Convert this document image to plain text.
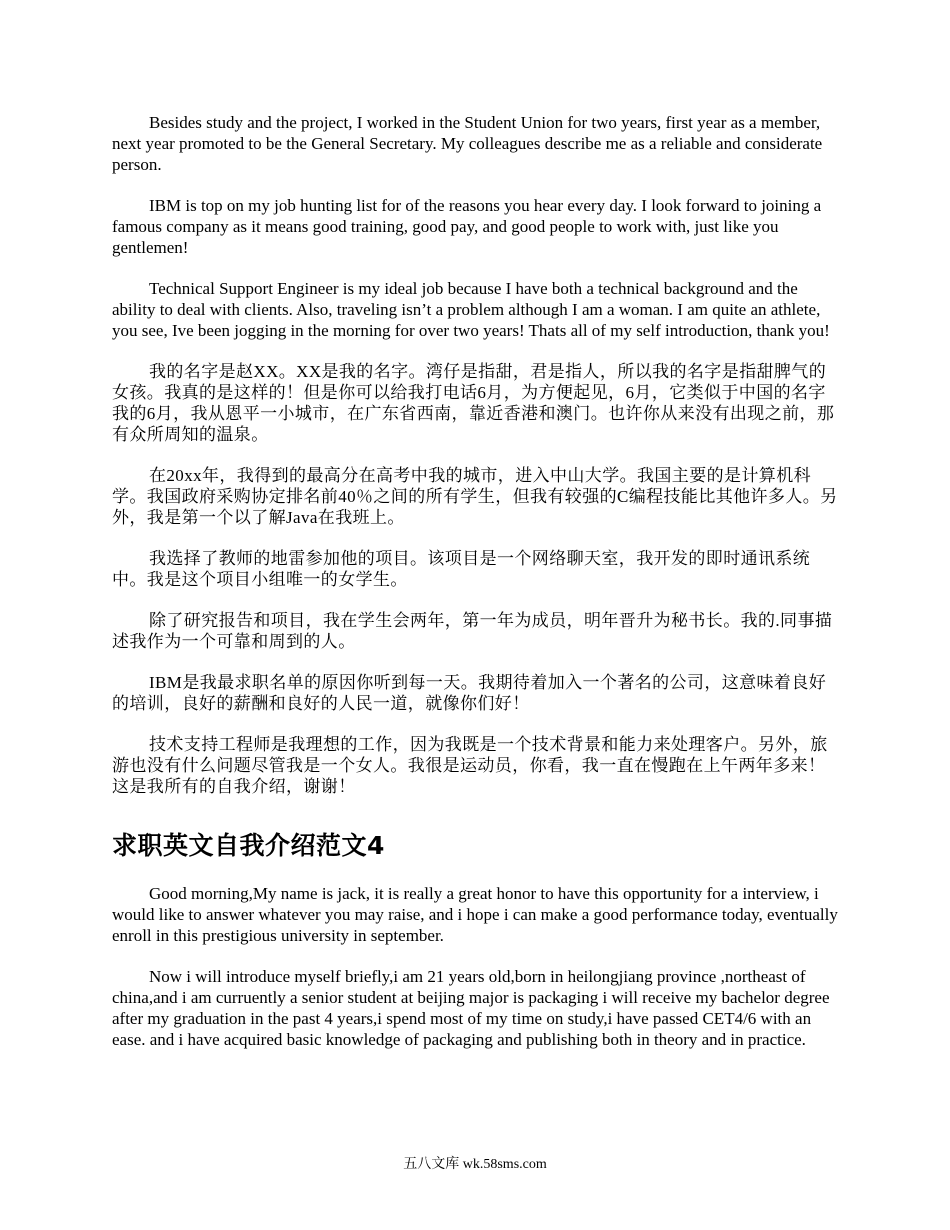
Besides study and the project, I worked in the Student Union for two years, first year as a member, next year promoted to be the General Secretary. My colleagues describe me as a reliable and considerate person.

IBM is top on my job hunting list for of the reasons you hear every day. I look forward to joining a famous company as it means good training, good pay, and good people to work with, just like you gentlemen!

Technical Support Engineer is my ideal job because I have both a technical background and the ability to deal with clients. Also, traveling isn’t a problem although I am a woman. I am quite an athlete, you see, Ive been jogging in the morning for over two years! Thats all of my self introduction, thank you!

我的名字是赵XX。XX是我的名字。湾仔是指甜，君是指人，所以我的名字是指甜脾气的女孩。我真的是这样的！但是你可以给我打电话6月，为方便起见，6月，它类似于中国的名字我的6月，我从恩平一小城市，在广东省西南，靠近香港和澳门。也许你从来没有出现之前，那有众所周知的温泉。

在20xx年，我得到的最高分在高考中我的城市，进入中山大学。我国主要的是计算机科学。我国政府采购协定排名前40％之间的所有学生，但我有较强的C编程技能比其他许多人。另外，我是第一个以了解Java在我班上。

我选择了教师的地雷参加他的项目。该项目是一个网络聊天室，我开发的即时通讯系统中。我是这个项目小组唯一的女学生。

除了研究报告和项目，我在学生会两年，第一年为成员，明年晋升为秘书长。我的.同事描述我作为一个可靠和周到的人。

IBM是我最求职名单的原因你听到每一天。我期待着加入一个著名的公司，这意味着良好的培训，良好的薪酬和良好的人民一道，就像你们好！

技术支持工程师是我理想的工作，因为我既是一个技术背景和能力来处理客户。另外，旅游也没有什么问题尽管我是一个女人。我很是运动员，你看，我一直在慢跑在上午两年多来！这是我所有的自我介绍，谢谢！

求职英文自我介绍范文4

Good morning,My name is jack, it is really a great honor to have this opportunity for a interview, i would like to answer whatever you may raise, and i hope i can make a good performance today, eventually enroll in this prestigious university in september.

Now i will introduce myself briefly,i am 21 years old,born in heilongjiang province ,northeast of china,and i am curruently a senior student at beijing major is packaging i will receive my bachelor degree after my graduation in the past 4 years,i spend most of my time on study,i have passed CET4/6 with an ease. and i have acquired basic knowledge of packaging and publishing both in theory and in practice.

五八文库 wk.58sms.com
